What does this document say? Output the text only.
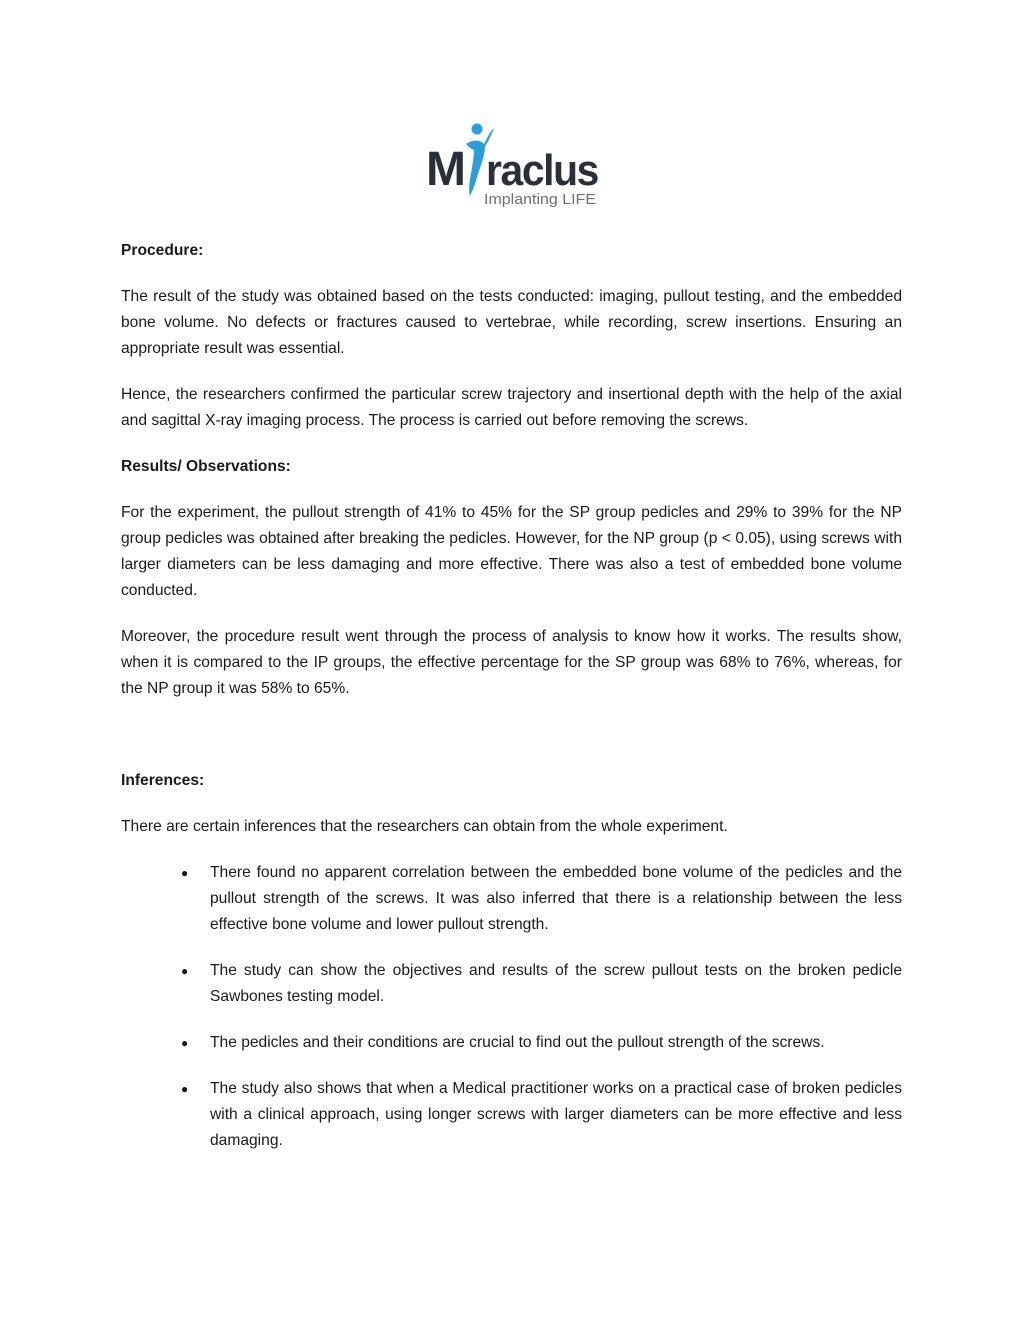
M raclus
Implanting LIFE

Procedure:

The result of the study was obtained based on the tests conducted: imaging, pullout testing, and the embedded bone volume. No defects or fractures caused to vertebrae, while recording, screw insertions. Ensuring an appropriate result was essential.

Hence, the researchers confirmed the particular screw trajectory and insertional depth with the help of the axial and sagittal X-ray imaging process. The process is carried out before removing the screws.

Results/ Observations:

For the experiment, the pullout strength of 41% to 45% for the SP group pedicles and 29% to 39% for the NP group pedicles was obtained after breaking the pedicles. However, for the NP group (p < 0.05), using screws with larger diameters can be less damaging and more effective. There was also a test of embedded bone volume conducted.

Moreover, the procedure result went through the process of analysis to know how it works. The results show, when it is compared to the IP groups, the effective percentage for the SP group was 68% to 76%, whereas, for the NP group it was 58% to 65%.

Inferences:

There are certain inferences that the researchers can obtain from the whole experiment.

● There found no apparent correlation between the embedded bone volume of the pedicles and the pullout strength of the screws. It was also inferred that there is a relationship between the less effective bone volume and lower pullout strength.
● The study can show the objectives and results of the screw pullout tests on the broken pedicle Sawbones testing model.
● The pedicles and their conditions are crucial to find out the pullout strength of the screws.
● The study also shows that when a Medical practitioner works on a practical case of broken pedicles with a clinical approach, using longer screws with larger diameters can be more effective and less damaging.
